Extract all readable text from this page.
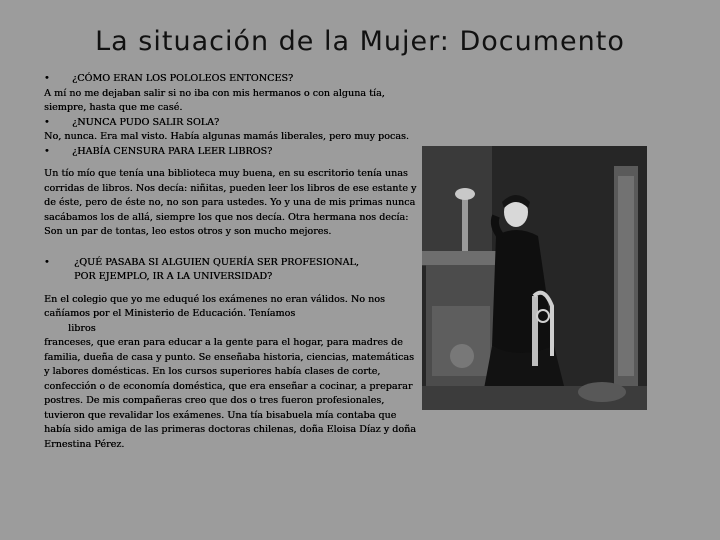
La situación de la Mujer: Documento

• ¿CÓMO ERAN LOS POLOLEOS ENTONCES?

A mí no me dejaban salir si no iba con mis hermanos o con alguna tía, siempre, hasta que me casé.

• ¿NUNCA PUDO SALIR SOLA?

No, nunca. Era mal visto. Había algunas mamás liberales, pero muy pocas.

• ¿HABÍA CENSURA PARA LEER LIBROS?

Un tío mío que tenía una biblioteca muy buena, en su escritorio tenía unas corridas de libros. Nos decía: niñitas, pueden leer los libros de ese estante y de éste, pero de éste no, no son para ustedes. Yo y una de mis primas nunca sacábamos los de allá, siempre los que nos decía. Otra hermana nos decía: Son un par de tontas, leo estos otros y son mucho mejores.

•	¿QUÉ PASABA SI ALGUIEN QUERÍA SER PROFESIONAL,
POR EJEMPLO, IR A LA UNIVERSIDAD?

En el colegio que yo me eduqué los exámenes no eran válidos. No nos cañíamos por el Ministerio de Educación. Teníamos
libros
franceses, que eran para educar a la gente para el hogar, para madres de familia, dueña de casa y punto. Se enseñaba historia, ciencias, matemáticas y labores domésticas. En los cursos superiores había clases de corte, confección o de economía doméstica, que era enseñar a cocinar, a preparar postres. De mis compañeras creo que dos o tres fueron profesionales, tuvieron que revalidar los exámenes. Una tía bisabuela mía contaba que había sido amiga de las primeras doctoras chilenas, doña Eloisa Díaz y doña Ernestina Pérez.
